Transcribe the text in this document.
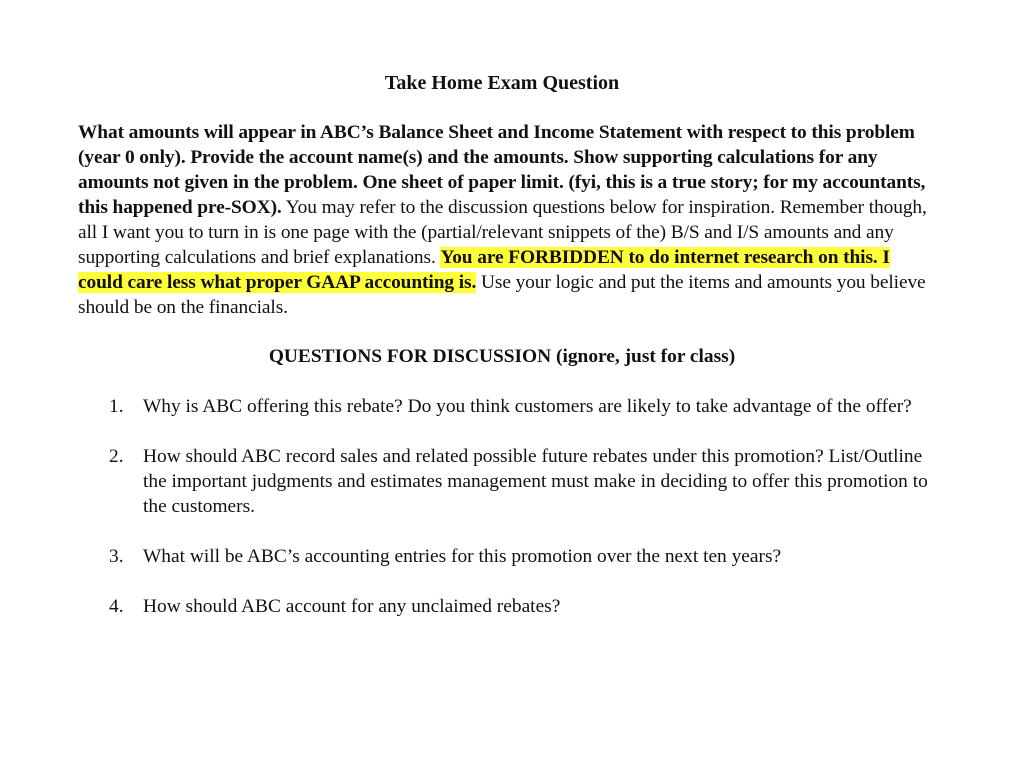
Take Home Exam Question

What amounts will appear in ABC’s Balance Sheet and Income Statement with respect to this problem (year 0 only). Provide the account name(s) and the amounts. Show supporting calculations for any amounts not given in the problem. One sheet of paper limit. (fyi, this is a true story; for my accountants, this happened pre-SOX). You may refer to the discussion questions below for inspiration. Remember though, all I want you to turn in is one page with the (partial/relevant snippets of the) B/S and I/S amounts and any supporting calculations and brief explanations. You are FORBIDDEN to do internet research on this. I could care less what proper GAAP accounting is. Use your logic and put the items and amounts you believe should be on the financials.

QUESTIONS FOR DISCUSSION (ignore, just for class)
1. Why is ABC offering this rebate? Do you think customers are likely to take advantage of the offer?
2. How should ABC record sales and related possible future rebates under this promotion? List/Outline the important judgments and estimates management must make in deciding to offer this promotion to the customers.
3. What will be ABC’s accounting entries for this promotion over the next ten years?
4. How should ABC account for any unclaimed rebates?
